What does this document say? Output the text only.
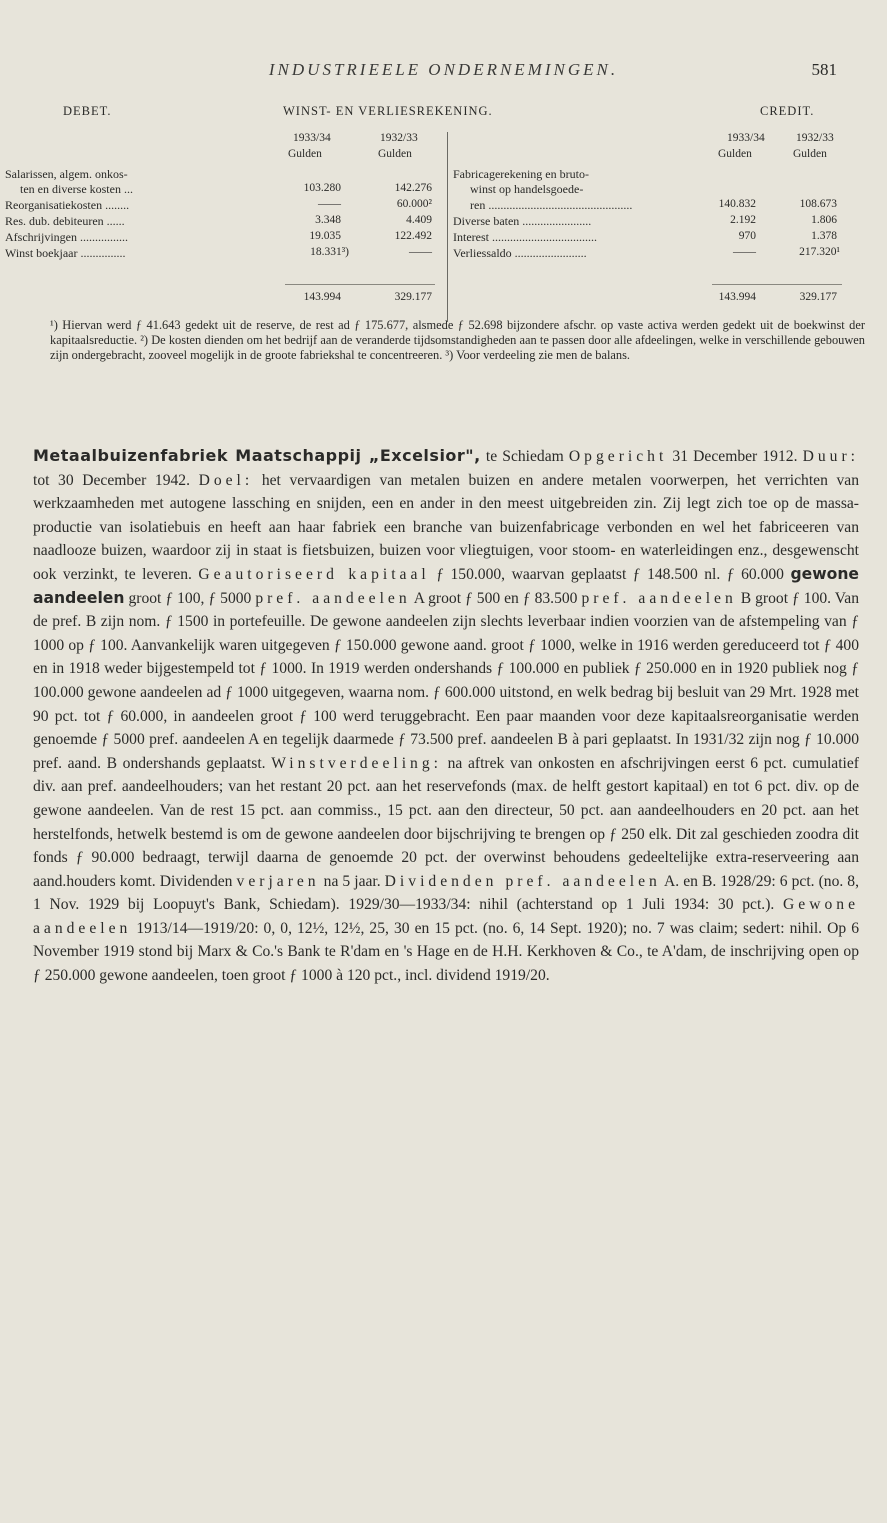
INDUSTRIEELE ONDERNEMINGEN.	581
DEBET.	WINST- EN VERLIESREKENING.	CREDIT.
1933/34	1932/33
Gulden	Gulden
1933/34	1932/33
Gulden	Gulden
Salarissen, algem. onkos-
ten en diverse kosten ...	103.280	142.276
Reorganisatiekosten ........	——	60.000²
Res. dub. debiteuren ......	3.348	4.409
Afschrijvingen ................	19.035	122.492
Winst boekjaar ...............	18.331³)	——
143.994	329.177
Fabricagerekening en bruto-
winst op handelsgoede-
ren ................................................	140.832	108.673
Diverse baten .......................	2.192	1.806
Interest ...................................	970	1.378
Verliessaldo ........................	——	217.320¹
143.994	329.177
¹) Hiervan werd ƒ 41.643 gedekt uit de reserve, de rest ad ƒ 175.677, alsmede ƒ 52.698 bijzondere afschr. op vaste activa werden gedekt uit de boekwinst der kapitaalsreductie. ²) De kosten dienden om het bedrijf aan de veranderde tijdsomstandigheden aan te passen door alle afdeelingen, welke in verschillende gebouwen zijn ondergebracht, zooveel mogelijk in de groote fabriekshal te concentreeren. ³) Voor verdeeling zie men de balans.
Metaalbuizenfabriek Maatschappij „Excelsior", te Schiedam Opgericht 31 December 1912. Duur: tot 30 December 1942. Doel: het vervaardigen van metalen buizen en andere metalen voorwerpen, het verrichten van werkzaamheden met autogene lassching en snijden, een en ander in den meest uitgebreiden zin. Zij legt zich toe op de massa-productie van isolatiebuis en heeft aan haar fabriek een branche van buizenfabricage verbonden en wel het fabriceeren van naadlooze buizen, waardoor zij in staat is fietsbuizen, buizen voor vliegtuigen, voor stoom- en waterleidingen enz., desgewenscht ook verzinkt, te leveren. Geautoriseerd kapitaal ƒ 150.000, waarvan geplaatst ƒ 148.500 nl. ƒ 60.000 gewone aandeelen groot ƒ 100, ƒ 5000 pref. aandeelen A groot ƒ 500 en ƒ 83.500 pref. aandeelen B groot ƒ 100. Van de pref. B zijn nom. ƒ 1500 in portefeuille. De gewone aandeelen zijn slechts leverbaar indien voorzien van de afstempeling van ƒ 1000 op ƒ 100. Aanvankelijk waren uitgegeven ƒ 150.000 gewone aand. groot ƒ 1000, welke in 1916 werden gereduceerd tot ƒ 400 en in 1918 weder bijgestempeld tot ƒ 1000. In 1919 werden ondershands ƒ 100.000 en publiek ƒ 250.000 en in 1920 publiek nog ƒ 100.000 gewone aandeelen ad ƒ 1000 uitgegeven, waarna nom. ƒ 600.000 uitstond, en welk bedrag bij besluit van 29 Mrt. 1928 met 90 pct. tot ƒ 60.000, in aandeelen groot ƒ 100 werd teruggebracht. Een paar maanden voor deze kapitaalsreorganisatie werden genoemde ƒ 5000 pref. aandeelen A en tegelijk daarmede ƒ 73.500 pref. aandeelen B à pari geplaatst. In 1931/32 zijn nog ƒ 10.000 pref. aand. B ondershands geplaatst. Winstverdeeling: na aftrek van onkosten en afschrijvingen eerst 6 pct. cumulatief div. aan pref. aandeelhouders; van het restant 20 pct. aan het reservefonds (max. de helft gestort kapitaal) en tot 6 pct. div. op de gewone aandeelen. Van de rest 15 pct. aan commiss., 15 pct. aan den directeur, 50 pct. aan aandeelhouders en 20 pct. aan het herstelfonds, hetwelk bestemd is om de gewone aandeelen door bijschrijving te brengen op ƒ 250 elk. Dit zal geschieden zoodra dit fonds ƒ 90.000 bedraagt, terwijl daarna de genoemde 20 pct. der overwinst behoudens gedeeltelijke extra-reserveering aan aand.houders komt. Dividenden verjaren na 5 jaar. Dividenden pref. aandeelen A. en B. 1928/29: 6 pct. (no. 8, 1 Nov. 1929 bij Loopuyt's Bank, Schiedam). 1929/30—1933/34: nihil (achterstand op 1 Juli 1934: 30 pct.). Gewone aandeelen 1913/14—1919/20: 0, 0, 12½, 12½, 25, 30 en 15 pct. (no. 6, 14 Sept. 1920); no. 7 was claim; sedert: nihil. Op 6 November 1919 stond bij Marx & Co.'s Bank te R'dam en 's Hage en de H.H. Kerkhoven & Co., te A'dam, de inschrijving open op ƒ 250.000 gewone aandeelen, toen groot ƒ 1000 à 120 pct., incl. dividend 1919/20.
